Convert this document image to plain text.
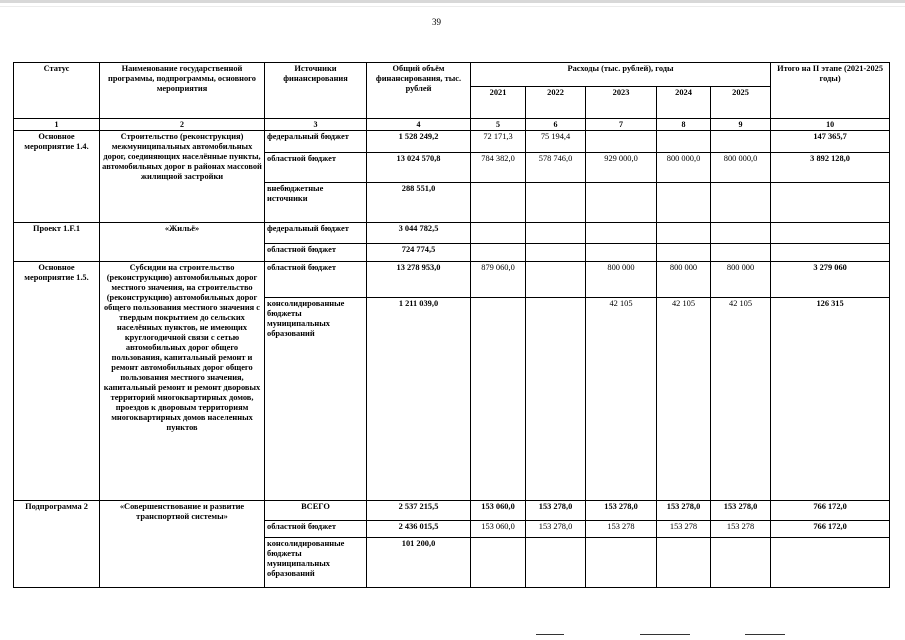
39
Статус	Наименование государственной программы, подпрограммы, основного мероприятия	Источники финансирования	Общий объём финансирования, тыс. рублей	Расходы (тыс. рублей), годы					Итого на II этапе (2021-2025 годы)
				2021	2022	2023	2024	2025	
1	2	3	4	5	6	7	8	9	10
Основное мероприятие 1.4.	Строительство (реконструкция) межмуниципальных автомобильных дорог, соединяющих населённые пункты, автомобильных дорог в районах массовой жилищной застройки	федеральный бюджет	1 528 249,2	72 171,3	75 194,4				147 365,7
		областной бюджет	13 024 570,8	784 382,0	578 746,0	929 000,0	800 000,0	800 000,0	3 892 128,0
		внебюджетные источники	288 551,0						
Проект 1.F.1	«Жильё»	федеральный бюджет	3 044 782,5						
		областной бюджет	724 774,5						
Основное мероприятие 1.5.	Субсидии на строительство (реконструкцию) автомобильных дорог местного значения, на строительство (реконструкцию) автомобильных дорог общего пользования местного значения с твердым покрытием до сельских населённых пунктов, не имеющих круглогодичной связи с сетью автомобильных дорог общего пользования, капитальный ремонт и ремонт автомобильных дорог общего пользования местного значения, капитальный ремонт и ремонт дворовых территорий многоквартирных домов, проездов к дворовым территориям многоквартирных домов населенных пунктов	областной бюджет	13 278 953,0	879 060,0		800 000	800 000	800 000	3 279 060
		консолидированные бюджеты муниципальных образований	1 211 039,0			42 105	42 105	42 105	126 315
Подпрограмма 2	«Совершенствование и развитие транспортной системы»	ВСЕГО	2 537 215,5	153 060,0	153 278,0	153 278,0	153 278,0	153 278,0	766 172,0
		областной бюджет	2 436 015,5	153 060,0	153 278,0	153 278	153 278	153 278	766 172,0
		консолидированные бюджеты муниципальных образований	101 200,0						
